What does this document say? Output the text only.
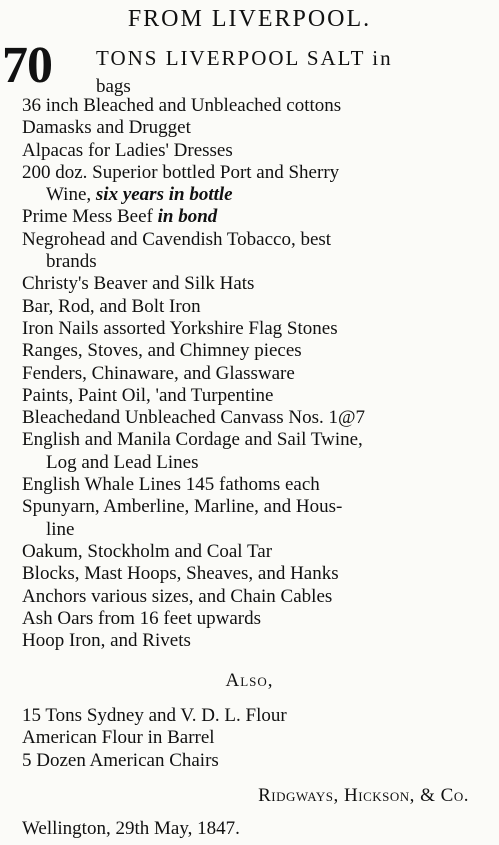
FROM LIVERPOOL.
70 TONS LIVERPOOL SALT in
bags
36 inch Bleached and Unbleached cottons
Damasks and Drugget
Alpacas for Ladies' Dresses
200 doz. Superior bottled Port and Sherry
Wine, six years in bottle
Prime Mess Beef in bond
Negrohead and Cavendish Tobacco, best
brands
Christy's Beaver and Silk Hats
Bar, Rod, and Bolt Iron
Iron Nails assorted Yorkshire Flag Stones
Ranges, Stoves, and Chimney pieces
Fenders, Chinaware, and Glassware
Paints, Paint Oil, 'and Turpentine
Bleachedand Unbleached Canvass Nos. 1@7
English and Manila Cordage and Sail Twine,
Log and Lead Lines
English Whale Lines 145 fathoms each
Spunyarn, Amberline, Marline, and Hous-
line
Oakum, Stockholm and Coal Tar
Blocks, Mast Hoops, Sheaves, and Hanks
Anchors various sizes, and Chain Cables
Ash Oars from 16 feet upwards
Hoop Iron, and Rivets
Also,
15 Tons Sydney and V. D. L. Flour
American Flour in Barrel
5 Dozen American Chairs
Ridgways, Hickson, & Co.
Wellington, 29th May, 1847.
